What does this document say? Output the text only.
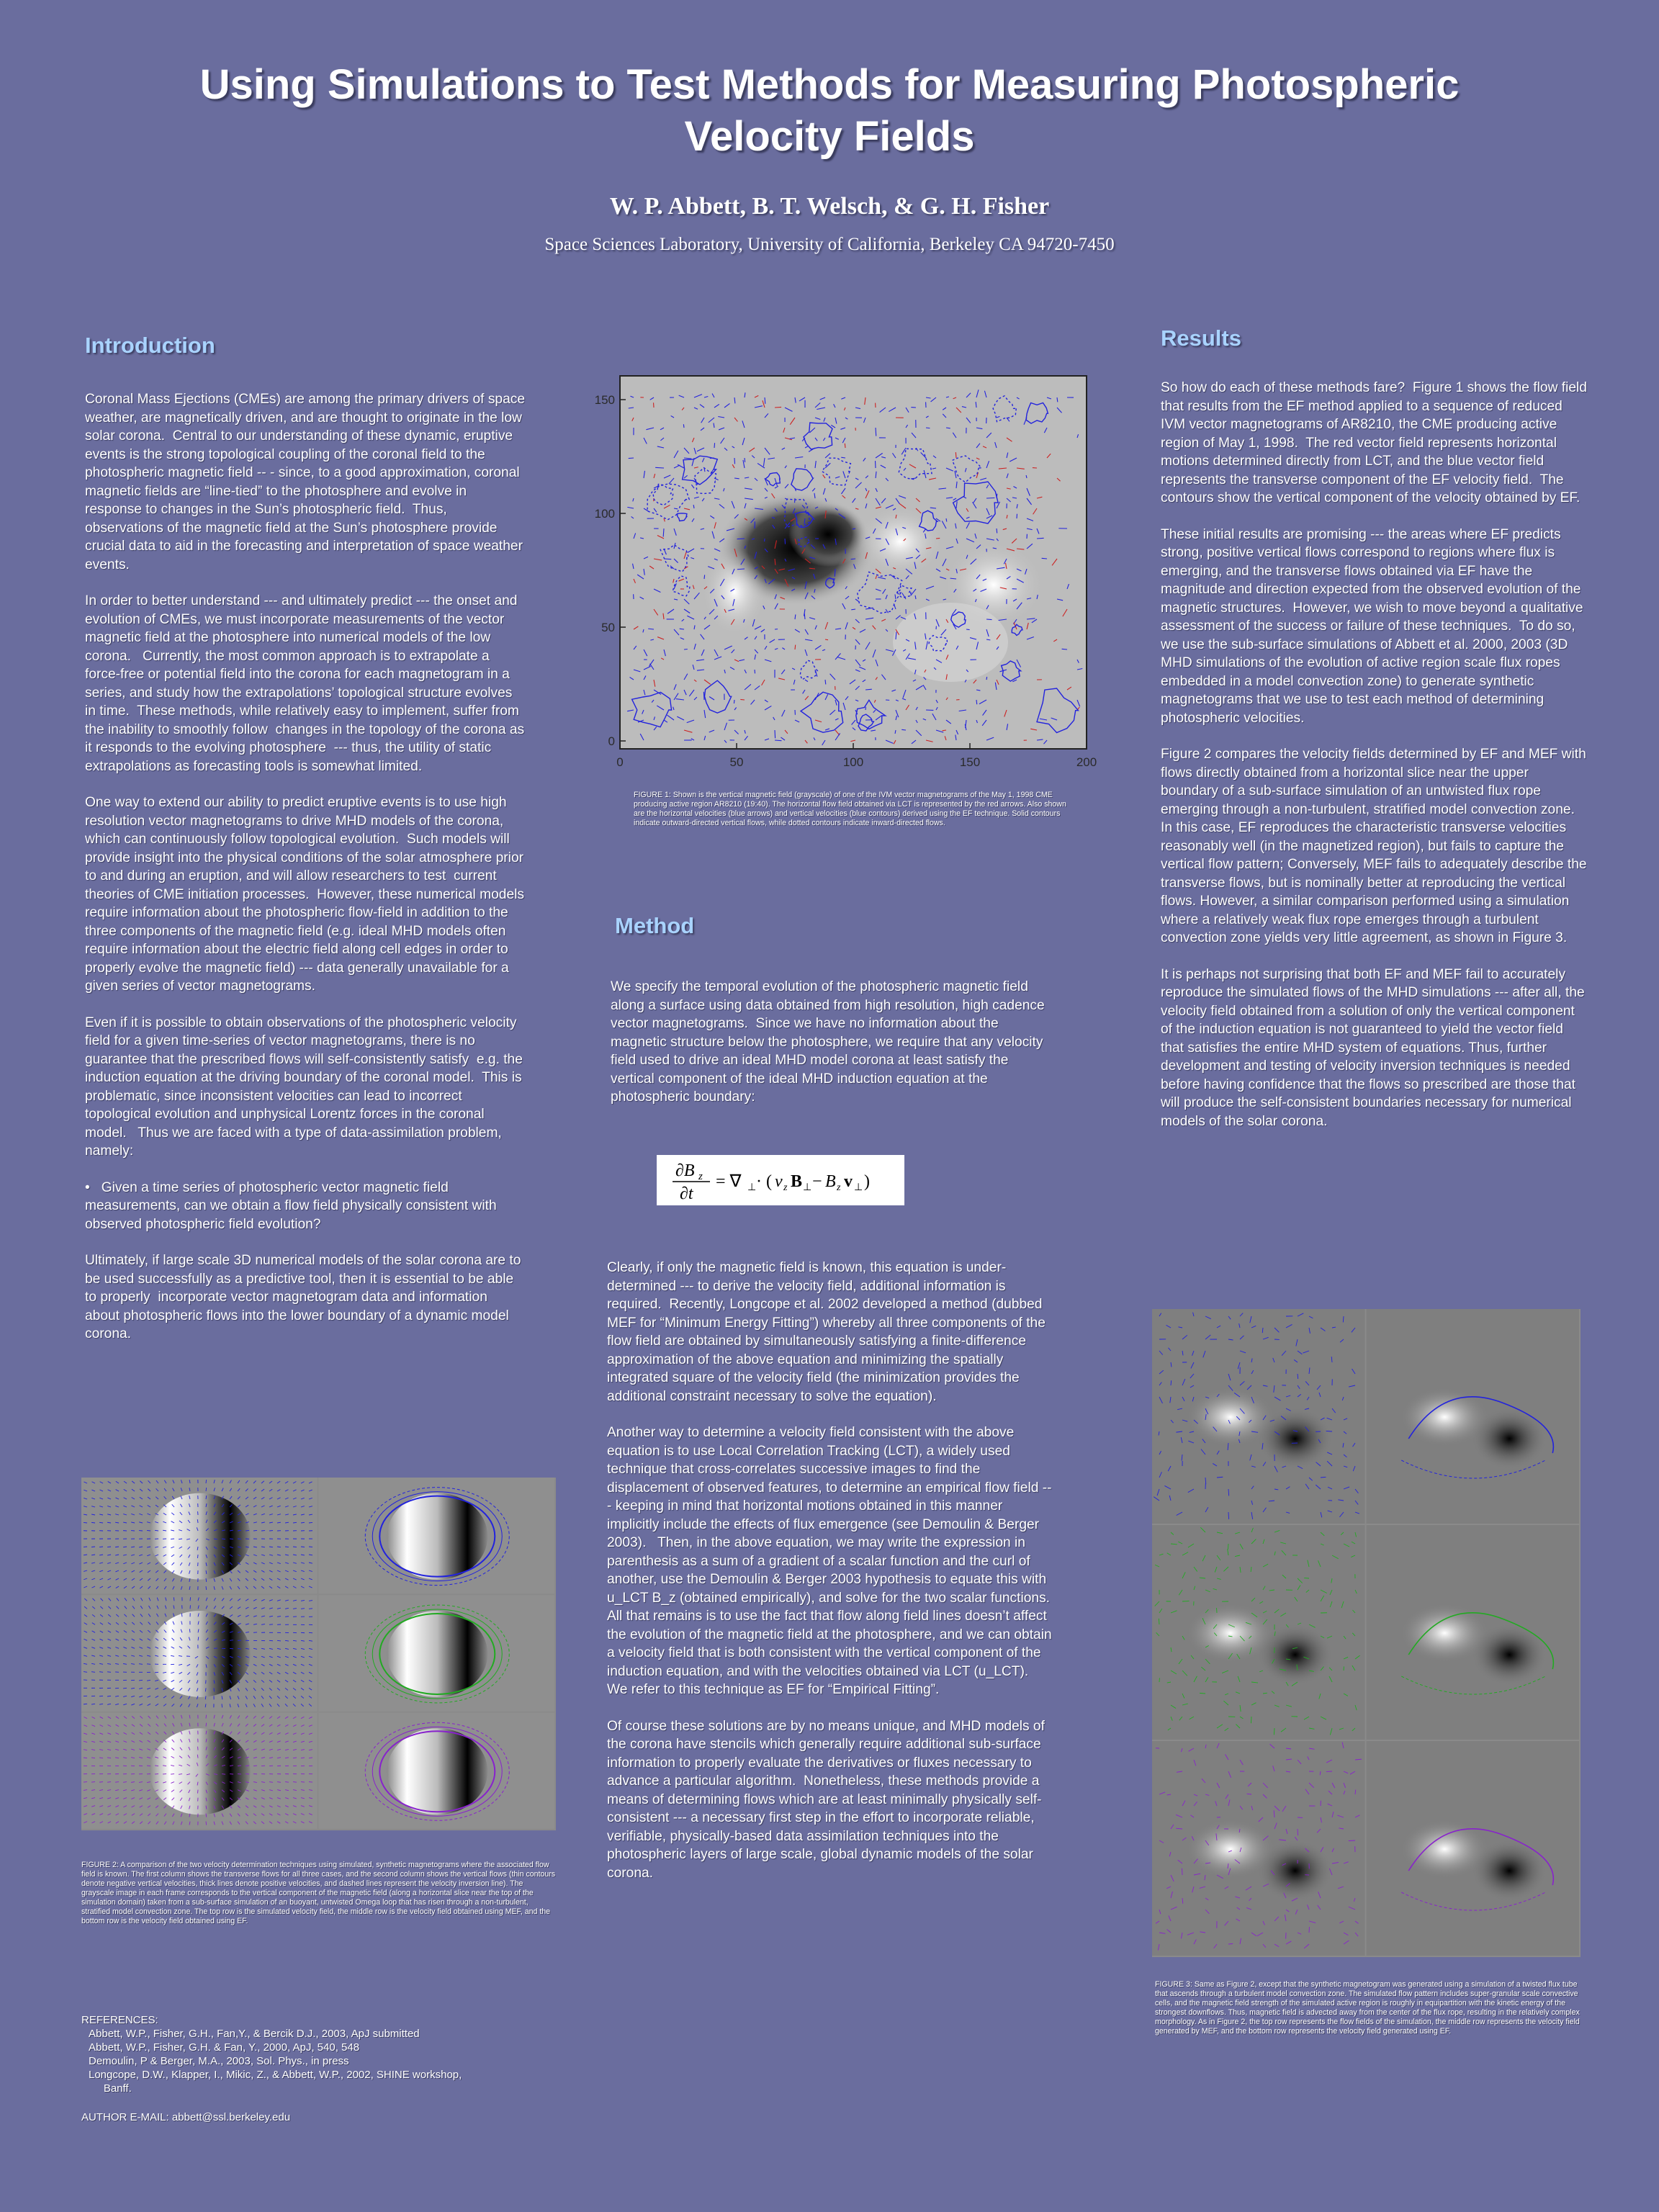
Using Simulations to Test Methods for Measuring Photospheric Velocity Fields
W. P. Abbett, B. T. Welsch, & G. H. Fisher
Space Sciences Laboratory, University of California, Berkeley CA 94720-7450
Introduction

Coronal Mass Ejections (CMEs) are among the primary drivers of space weather, are magnetically driven, and are thought to originate in the low solar corona.  Central to our understanding of these dynamic, eruptive events is the strong topological coupling of the coronal field to the photospheric magnetic field -- - since, to a good approximation, coronal magnetic fields are “line-tied” to the photosphere and evolve in response to changes in the Sun’s photospheric field.  Thus, observations of the magnetic field at the Sun’s photosphere provide crucial data to aid in the forecasting and interpretation of space weather events.

In order to better understand --- and ultimately predict --- the onset and evolution of CMEs, we must incorporate measurements of the vector magnetic field at the photosphere into numerical models of the low corona.   Currently, the most common approach is to extrapolate a force-free or potential field into the corona for each magnetogram in a series, and study how the extrapolations’ topological structure evolves in time.  These methods, while relatively easy to implement, suffer from the inability to smoothly follow  changes in the topology of the corona as it responds to the evolving photosphere  --- thus, the utility of static extrapolations as forecasting tools is somewhat limited.

One way to extend our ability to predict eruptive events is to use high resolution vector magnetograms to drive MHD models of the corona, which can continuously follow topological evolution.  Such models will provide insight into the physical conditions of the solar atmosphere prior to and during an eruption, and will allow researchers to test  current theories of CME initiation processes.  However, these numerical models require information about the photospheric flow-field in addition to the three components of the magnetic field (e.g. ideal MHD models often require information about the electric field along cell edges in order to properly evolve the magnetic field) --- data generally unavailable for a given series of vector magnetograms.

Even if it is possible to obtain observations of the photospheric velocity field for a given time-series of vector magnetograms, there is no guarantee that the prescribed flows will self-consistently satisfy  e.g. the induction equation at the driving boundary of the coronal model.  This is problematic, since inconsistent velocities can lead to incorrect topological evolution and unphysical Lorentz forces in the coronal model.   Thus we are faced with a type of data-assimilation problem, namely:

•   Given a time series of photospheric vector magnetic field measurements, can we obtain a flow field physically consistent with observed photospheric field evolution?

Ultimately, if large scale 3D numerical models of the solar corona are to be used successfully as a predictive tool, then it is essential to be able to properly  incorporate vector magnetogram data and information about photospheric flows into the lower boundary of a dynamic model corona.

0	50	100	150	200
150
100
50
0
FIGURE 1: Shown is the vertical magnetic field (grayscale) of one of the IVM vector magnetograms of the May 1, 1998 CME producing active region AR8210 (19:40). The horizontal flow field obtained via LCT is represented by the red arrows. Also shown are the horizontal velocities (blue arrows) and vertical velocities (blue contours) derived using the EF technique. Solid contours indicate outward-directed vertical flows, while dotted contours indicate inward-directed flows.
Method

We specify the temporal evolution of the photospheric magnetic field along a surface using data obtained from high resolution, high cadence vector magnetograms.  Since we have no information about the magnetic structure below the photosphere, we require that any velocity field used to drive an ideal MHD model corona at least satisfy the vertical component of the ideal MHD induction equation at the photospheric boundary:

∂B z
∂t
= ∇ ⊥ · ( v z B ⊥ − B z v ⊥ )

Clearly, if only the magnetic field is known, this equation is under-determined --- to derive the velocity field, additional information is required.  Recently, Longcope et al. 2002 developed a method (dubbed MEF for “Minimum Energy Fitting”) whereby all three components of the flow field are obtained by simultaneously satisfying a finite-difference approximation of the above equation and minimizing the spatially integrated square of the velocity field (the minimization provides the additional constraint necessary to solve the equation).

Another way to determine a velocity field consistent with the above equation is to use Local Correlation Tracking (LCT), a widely used technique that cross-correlates successive images to find the displacement of observed features, to determine an empirical flow field --- keeping in mind that horizontal motions obtained in this manner implicitly include the effects of flux emergence (see Demoulin & Berger 2003).   Then, in the above equation, we may write the expression in parenthesis as a sum of a gradient of a scalar function and the curl of another, use the Demoulin & Berger 2003 hypothesis to equate this with u_LCT B_z (obtained empirically), and solve for the two scalar functions.  All that remains is to use the fact that flow along field lines doesn’t affect the evolution of the magnetic field at the photosphere, and we can obtain a velocity field that is both consistent with the vertical component of the induction equation, and with the velocities obtained via LCT (u_LCT).  We refer to this technique as EF for “Empirical Fitting”.

Of course these solutions are by no means unique, and MHD models of the corona have stencils which generally require additional sub-surface information to properly evaluate the derivatives or fluxes necessary to advance a particular algorithm.  Nonetheless, these methods provide a means of determining flows which are at least minimally physically self-consistent --- a necessary first step in the effort to incorporate reliable, verifiable, physically-based data assimilation techniques into the photospheric layers of large scale, global dynamic models of the solar corona.

Results

So how do each of these methods fare?  Figure 1 shows the flow field that results from the EF method applied to a sequence of reduced IVM vector magnetograms of AR8210, the CME producing active region of May 1, 1998.  The red vector field represents horizontal motions determined directly from LCT, and the blue vector field represents the transverse component of the EF velocity field.  The contours show the vertical component of the velocity obtained by EF.

These initial results are promising --- the areas where EF predicts strong, positive vertical flows correspond to regions where flux is emerging, and the transverse flows obtained via EF have the magnitude and direction expected from the observed evolution of the magnetic structures.  However, we wish to move beyond a qualitative assessment of the success or failure of these techniques.  To do so, we use the sub-surface simulations of Abbett et al. 2000, 2003 (3D MHD simulations of the evolution of active region scale flux ropes embedded in a model convection zone) to generate synthetic magnetograms that we use to test each method of determining photospheric velocities.

Figure 2 compares the velocity fields determined by EF and MEF with flows directly obtained from a horizontal slice near the upper boundary of a sub-surface simulation of an untwisted flux rope emerging through a non-turbulent, stratified model convection zone.  In this case, EF reproduces the characteristic transverse velocities reasonably well (in the magnetized region), but fails to capture the vertical flow pattern; Conversely, MEF fails to adequately describe the transverse flows, but is nominally better at reproducing the vertical flows. However, a similar comparison performed using a simulation where a relatively weak flux rope emerges through a turbulent convection zone yields very little agreement, as shown in Figure 3.

It is perhaps not surprising that both EF and MEF fail to accurately reproduce the simulated flows of the MHD simulations --- after all, the velocity field obtained from a solution of only the vertical component of the induction equation is not guaranteed to yield the vector field that satisfies the entire MHD system of equations. Thus, further development and testing of velocity inversion techniques is needed before having confidence that the flows so prescribed are those that will produce the self-consistent boundaries necessary for numerical models of the solar corona.

FIGURE 2: A comparison of the two velocity determination techniques using simulated, synthetic magnetograms where the associated flow field is known. The first column shows the transverse flows for all three cases, and the second column shows the vertical flows (thin contours denote negative vertical velocities, thick lines denote positive velocities, and dashed lines represent the velocity inversion line). The grayscale image in each frame corresponds to the vertical component of the magnetic field (along a horizontal slice near the top of the simulation domain) taken from a sub-surface simulation of an buoyant, untwisted Omega loop that has risen through a non-turbulent, stratified model convection zone. The top row is the simulated velocity field, the middle row is the velocity field obtained using MEF, and the bottom row is the velocity field obtained using EF.
FIGURE 3: Same as Figure 2, except that the synthetic magnetogram was generated using a simulation of a twisted flux tube that ascends through a turbulent model convection zone. The simulated flow pattern includes super-granular scale convective cells, and the magnetic field strength of the simulated active region is roughly in equipartition with the kinetic energy of the strongest downflows. Thus, magnetic field is advected away from the center of the flux rope, resulting in the relatively complex morphology. As in Figure 2, the top row represents the flow fields of the simulation, the middle row represents the velocity field generated by MEF, and the bottom row represents the velocity field generated using EF.
REFERENCES:
Abbett, W.P., Fisher, G.H., Fan,Y., & Bercik D.J., 2003, ApJ submitted
Abbett, W.P., Fisher, G.H. & Fan, Y., 2000, ApJ, 540, 548
Demoulin, P & Berger, M.A., 2003, Sol. Phys., in press
Longcope, D.W., Klapper, I., Mikic, Z., & Abbett, W.P., 2002, SHINE workshop,
Banff.
AUTHOR E-MAIL: abbett@ssl.berkeley.edu
